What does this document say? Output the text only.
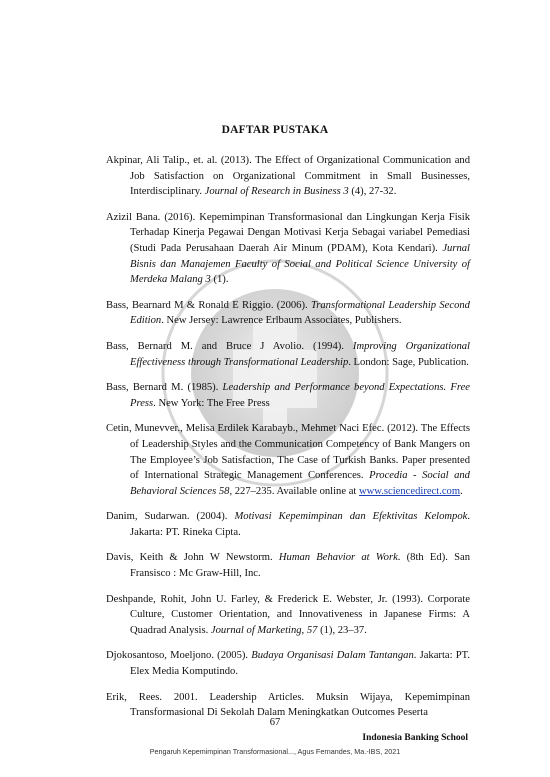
DAFTAR PUSTAKA

Akpinar, Ali Talip., et. al. (2013). The Effect of Organizational Communication and Job Satisfaction on Organizational Commitment in Small Businesses, Interdisciplinary. Journal of Research in Business 3 (4), 27-32.

Azizil Bana. (2016). Kepemimpinan Transformasional dan Lingkungan Kerja Fisik Terhadap Kinerja Pegawai Dengan Motivasi Kerja Sebagai variabel Pemediasi (Studi Pada Perusahaan Daerah Air Minum (PDAM), Kota Kendari). Jurnal Bisnis dan Manajemen Faculty of Social and Political Science University of Merdeka Malang 3 (1).

Bass, Bearnard M & Ronald E Riggio. (2006). Transformational Leadership Second Edition. New Jersey: Lawrence Erlbaum Associates, Publishers.

Bass, Bernard M. and Bruce J Avolio. (1994). Improving Organizational Effectiveness through Transformational Leadership. London: Sage, Publication.

Bass, Bernard M. (1985). Leadership and Performance beyond Expectations. Free Press. New York: The Free Press

Cetin, Munevver., Melisa Erdilek Karabayb., Mehmet Naci Efec. (2012). The Effects of Leadership Styles and the Communication Competency of Bank Mangers on The Employee’s Job Satisfaction, The Case of Turkish Banks. Paper presented of International Strategic Management Conferences. Procedia - Social and Behavioral Sciences 58, 227–235. Available online at www.sciencedirect.com.

Danim, Sudarwan. (2004). Motivasi Kepemimpinan dan Efektivitas Kelompok. Jakarta: PT. Rineka Cipta.

Davis, Keith & John W Newstorm. Human Behavior at Work. (8th Ed). San Fransisco : Mc Graw-Hill, Inc.

Deshpande, Rohit, John U. Farley, & Frederick E. Webster, Jr. (1993). Corporate Culture, Customer Orientation, and Innovativeness in Japanese Firms: A Quadrad Analysis. Journal of Marketing, 57 (1), 23–37.

Djokosantoso, Moeljono. (2005). Budaya Organisasi Dalam Tantangan. Jakarta: PT. Elex Media Komputindo.

Erik, Rees. 2001. Leadership Articles. Muksin Wijaya, Kepemimpinan Transformasional Di Sekolah Dalam Meningkatkan Outcomes Peserta

67
Indonesia Banking School
Pengaruh Kepemimpinan Transformasional..., Agus Fernandes, Ma.-IBS, 2021
